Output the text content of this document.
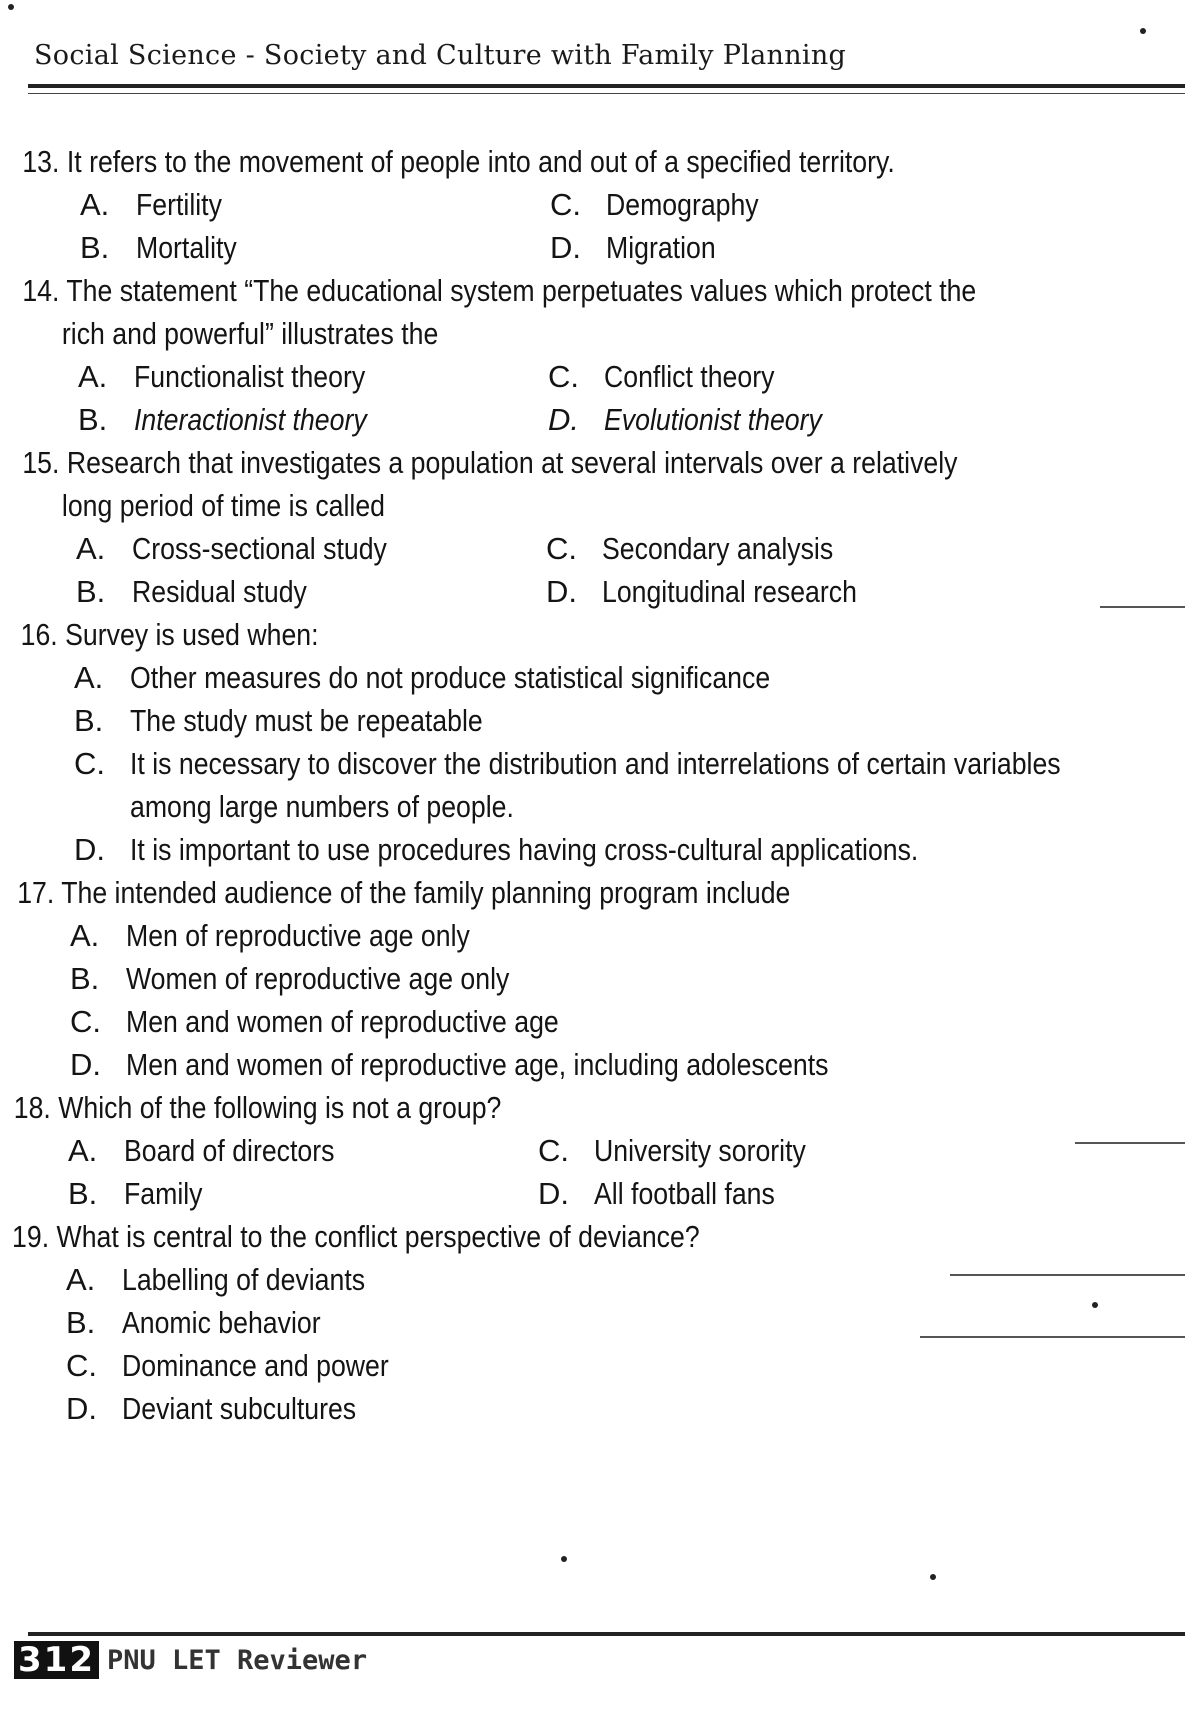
Social Science - Society and Culture with Family Planning
13. It refers to the movement of people into and out of a specified territory.
A. Fertility	C. Demography
B. Mortality	D. Migration
14. The statement “The educational system perpetuates values which protect the
rich and powerful” illustrates the
A. Functionalist theory	C. Conflict theory
B. Interactionist theory	D. Evolutionist theory
15. Research that investigates a population at several intervals over a relatively
long period of time is called
A. Cross-sectional study	C. Secondary analysis
B. Residual study	D. Longitudinal research
16. Survey is used when:
A. Other measures do not produce statistical significance
B. The study must be repeatable
C. It is necessary to discover the distribution and interrelations of certain variables among large numbers of people.
D. It is important to use procedures having cross-cultural applications.
17. The intended audience of the family planning program include
A. Men of reproductive age only
B. Women of reproductive age only
C. Men and women of reproductive age
D. Men and women of reproductive age, including adolescents
18. Which of the following is not a group?
A. Board of directors	C. University sorority
B. Family	D. All football fans
19. What is central to the conflict perspective of deviance?
A. Labelling of deviants
B. Anomic behavior
C. Dominance and power
D. Deviant subcultures
312 PNU LET Reviewer
